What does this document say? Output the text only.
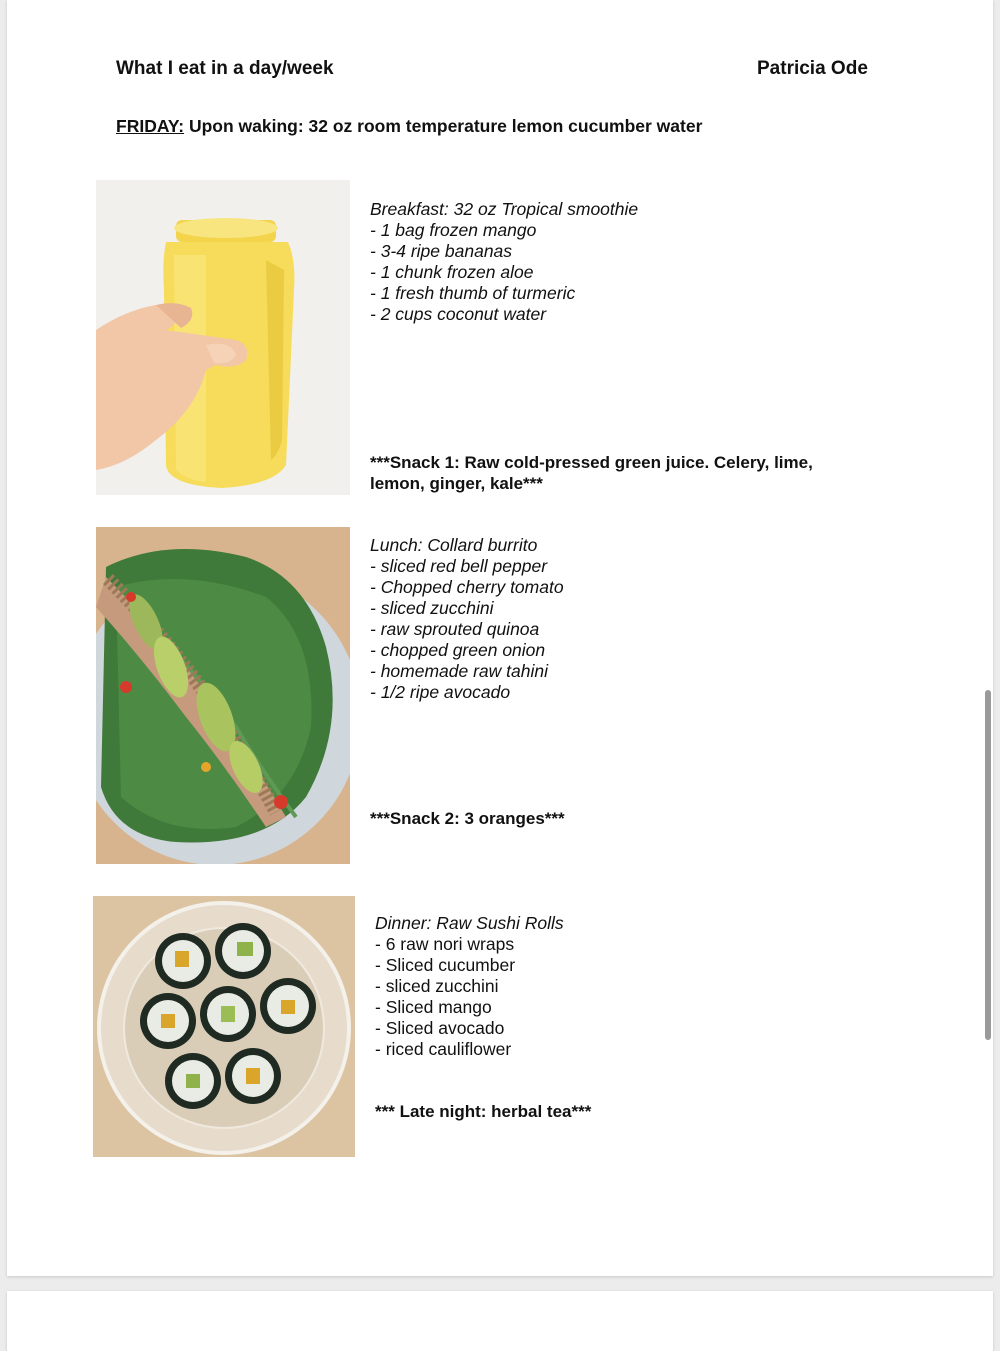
What I eat in a day/week	Patricia Ode
FRIDAY: Upon waking: 32 oz room temperature lemon cucumber water
Breakfast: 32 oz Tropical smoothie
- 1 bag frozen mango
- 3-4 ripe bananas
- 1 chunk frozen aloe
- 1 fresh thumb of turmeric
- 2 cups coconut water
***Snack 1: Raw cold-pressed green juice. Celery, lime, lemon, ginger, kale***
Lunch: Collard burrito
- sliced red bell pepper
- Chopped cherry tomato
- sliced zucchini
- raw sprouted quinoa
- chopped green onion
- homemade raw tahini
- 1/2 ripe avocado
***Snack 2: 3 oranges***
Dinner: Raw Sushi Rolls
- 6 raw nori wraps
- Sliced cucumber
- sliced zucchini
- Sliced mango
- Sliced avocado
- riced cauliflower
*** Late night: herbal tea***
